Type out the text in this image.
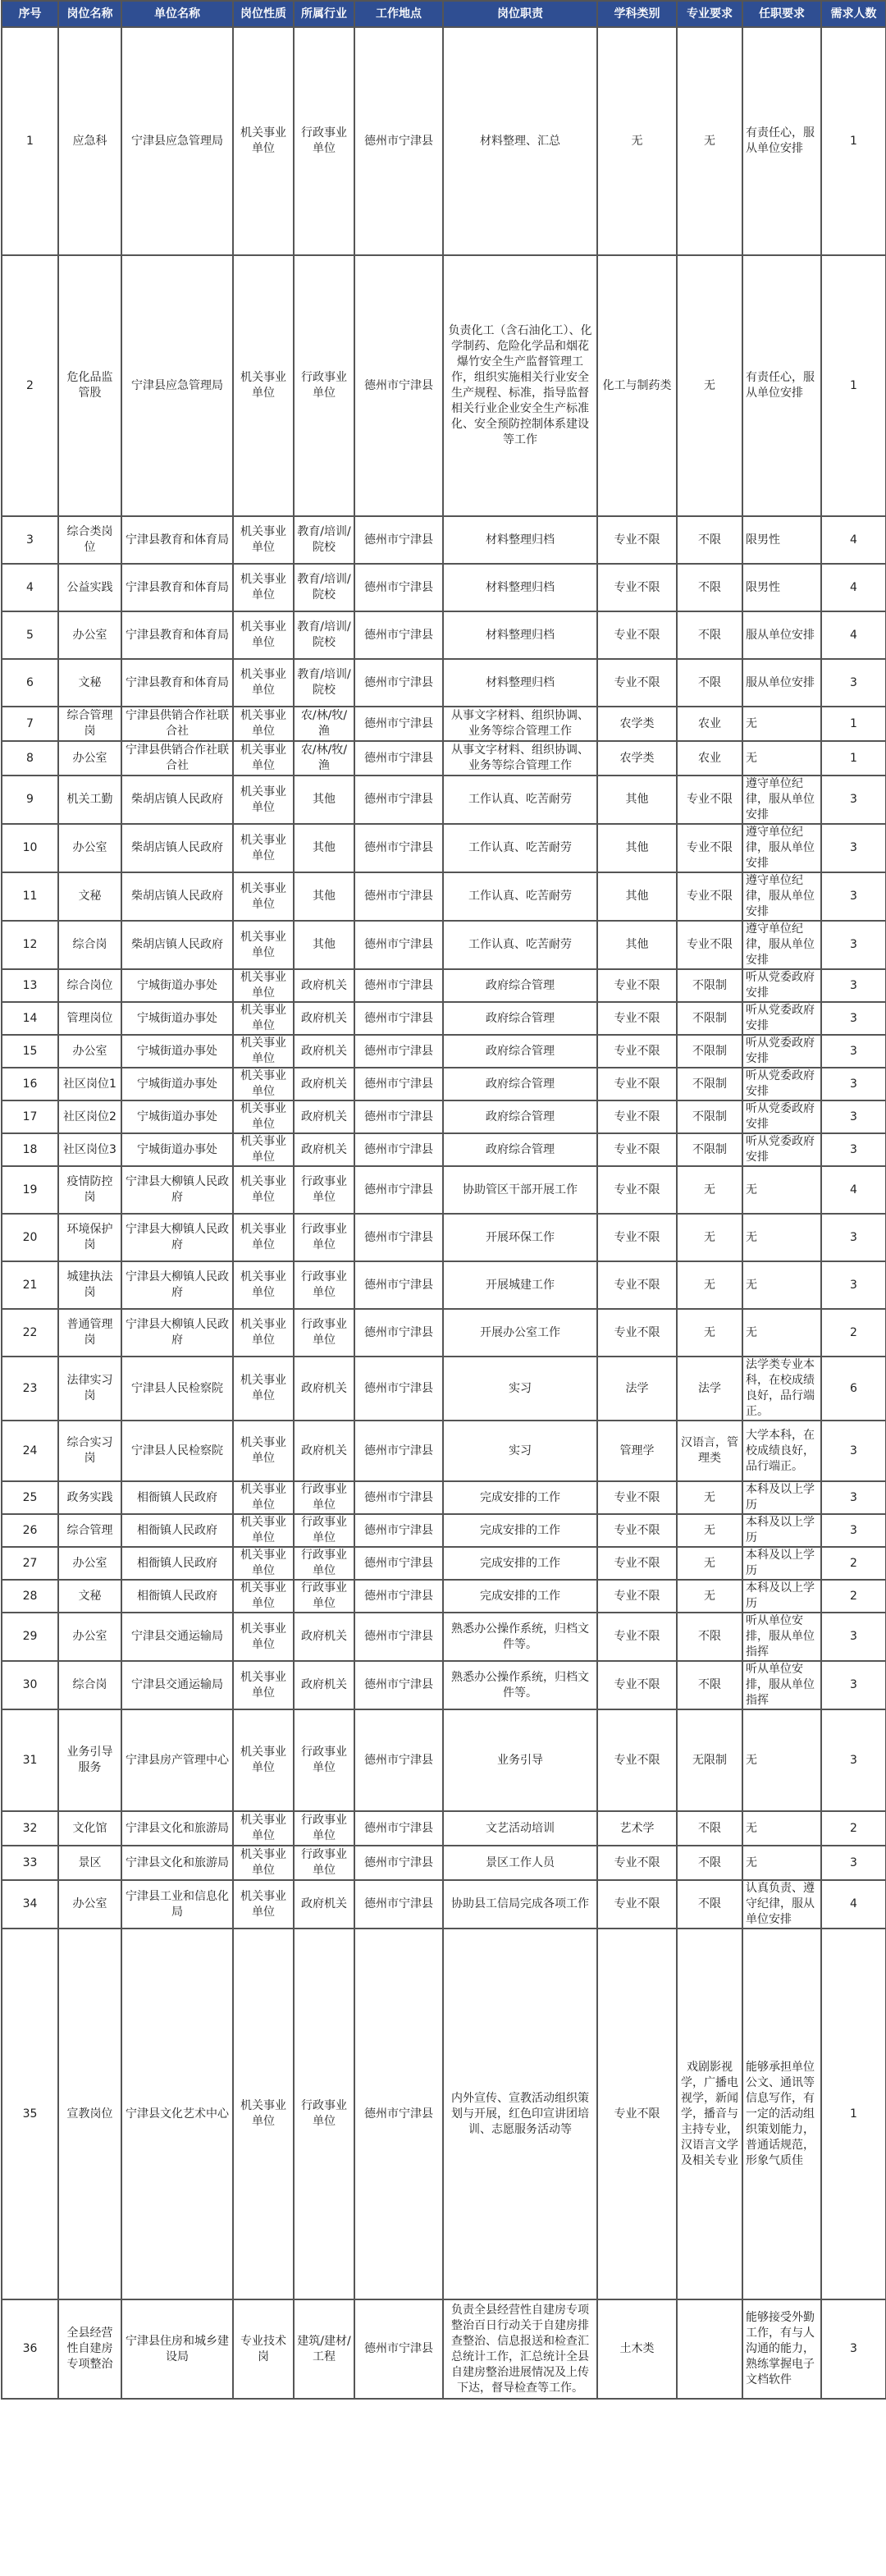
序号	岗位名称	单位名称	岗位性质	所属行业	工作地点	岗位职责	学科类别	专业要求	任职要求	需求人数
1	应急科	宁津县应急管理局	机关事业单位	行政事业单位	德州市宁津县	材料整理、汇总	无	无	有责任心，服从单位安排	1
2	危化品监管股	宁津县应急管理局	机关事业单位	行政事业单位	德州市宁津县	负责化工（含石油化工）、化学制药、危险化学品和烟花爆竹安全生产监督管理工作，组织实施相关行业安全生产规程、标准，指导监督相关行业企业安全生产标准化、安全预防控制体系建设等工作	化工与制药类	无	有责任心，服从单位安排	1
3	综合类岗位	宁津县教育和体育局	机关事业单位	教育/培训/院校	德州市宁津县	材料整理归档	专业不限	不限	限男性	4
4	公益实践	宁津县教育和体育局	机关事业单位	教育/培训/院校	德州市宁津县	材料整理归档	专业不限	不限	限男性	4
5	办公室	宁津县教育和体育局	机关事业单位	教育/培训/院校	德州市宁津县	材料整理归档	专业不限	不限	服从单位安排	4
6	文秘	宁津县教育和体育局	机关事业单位	教育/培训/院校	德州市宁津县	材料整理归档	专业不限	不限	服从单位安排	3
7	综合管理岗	宁津县供销合作社联合社	机关事业单位	农/林/牧/渔	德州市宁津县	从事文字材料、组织协调、业务等综合管理工作	农学类	农业	无	1
8	办公室	宁津县供销合作社联合社	机关事业单位	农/林/牧/渔	德州市宁津县	从事文字材料、组织协调、业务等综合管理工作	农学类	农业	无	1
9	机关工勤	柴胡店镇人民政府	机关事业单位	其他	德州市宁津县	工作认真、吃苦耐劳	其他	专业不限	遵守单位纪律，服从单位安排	3
10	办公室	柴胡店镇人民政府	机关事业单位	其他	德州市宁津县	工作认真、吃苦耐劳	其他	专业不限	遵守单位纪律，服从单位安排	3
11	文秘	柴胡店镇人民政府	机关事业单位	其他	德州市宁津县	工作认真、吃苦耐劳	其他	专业不限	遵守单位纪律，服从单位安排	3
12	综合岗	柴胡店镇人民政府	机关事业单位	其他	德州市宁津县	工作认真、吃苦耐劳	其他	专业不限	遵守单位纪律，服从单位安排	3
13	综合岗位	宁城街道办事处	机关事业单位	政府机关	德州市宁津县	政府综合管理	专业不限	不限制	听从党委政府安排	3
14	管理岗位	宁城街道办事处	机关事业单位	政府机关	德州市宁津县	政府综合管理	专业不限	不限制	听从党委政府安排	3
15	办公室	宁城街道办事处	机关事业单位	政府机关	德州市宁津县	政府综合管理	专业不限	不限制	听从党委政府安排	3
16	社区岗位1	宁城街道办事处	机关事业单位	政府机关	德州市宁津县	政府综合管理	专业不限	不限制	听从党委政府安排	3
17	社区岗位2	宁城街道办事处	机关事业单位	政府机关	德州市宁津县	政府综合管理	专业不限	不限制	听从党委政府安排	3
18	社区岗位3	宁城街道办事处	机关事业单位	政府机关	德州市宁津县	政府综合管理	专业不限	不限制	听从党委政府安排	3
19	疫情防控岗	宁津县大柳镇人民政府	机关事业单位	行政事业单位	德州市宁津县	协助管区干部开展工作	专业不限	无	无	4
20	环境保护岗	宁津县大柳镇人民政府	机关事业单位	行政事业单位	德州市宁津县	开展环保工作	专业不限	无	无	3
21	城建执法岗	宁津县大柳镇人民政府	机关事业单位	行政事业单位	德州市宁津县	开展城建工作	专业不限	无	无	3
22	普通管理岗	宁津县大柳镇人民政府	机关事业单位	行政事业单位	德州市宁津县	开展办公室工作	专业不限	无	无	2
23	法律实习岗	宁津县人民检察院	机关事业单位	政府机关	德州市宁津县	实习	法学	法学	法学类专业本科，在校成绩良好，品行端正。	6
24	综合实习岗	宁津县人民检察院	机关事业单位	政府机关	德州市宁津县	实习	管理学	汉语言，管理类	大学本科，在校成绩良好，品行端正。	3
25	政务实践	相衙镇人民政府	机关事业单位	行政事业单位	德州市宁津县	完成安排的工作	专业不限	无	本科及以上学历	3
26	综合管理	相衙镇人民政府	机关事业单位	行政事业单位	德州市宁津县	完成安排的工作	专业不限	无	本科及以上学历	3
27	办公室	相衙镇人民政府	机关事业单位	行政事业单位	德州市宁津县	完成安排的工作	专业不限	无	本科及以上学历	2
28	文秘	相衙镇人民政府	机关事业单位	行政事业单位	德州市宁津县	完成安排的工作	专业不限	无	本科及以上学历	2
29	办公室	宁津县交通运输局	机关事业单位	政府机关	德州市宁津县	熟悉办公操作系统，归档文件等。	专业不限	不限	听从单位安排，服从单位指挥	3
30	综合岗	宁津县交通运输局	机关事业单位	政府机关	德州市宁津县	熟悉办公操作系统，归档文件等。	专业不限	不限	听从单位安排，服从单位指挥	3
31	业务引导服务	宁津县房产管理中心	机关事业单位	行政事业单位	德州市宁津县	业务引导	专业不限	无限制	无	3
32	文化馆	宁津县文化和旅游局	机关事业单位	行政事业单位	德州市宁津县	文艺活动培训	艺术学	不限	无	2
33	景区	宁津县文化和旅游局	机关事业单位	行政事业单位	德州市宁津县	景区工作人员	专业不限	不限	无	3
34	办公室	宁津县工业和信息化局	机关事业单位	政府机关	德州市宁津县	协助县工信局完成各项工作	专业不限	不限	认真负责、遵守纪律，服从单位安排	4
35	宣教岗位	宁津县文化艺术中心	机关事业单位	行政事业单位	德州市宁津县	内外宣传、宣教活动组织策划与开展，红色印宣讲团培训、志愿服务活动等	专业不限	戏剧影视学，广播电视学，新闻学，播音与主持专业，汉语言文学及相关专业	能够承担单位公文、通讯等信息写作，有一定的活动组织策划能力，普通话规范，形象气质佳	1
36	全县经营性自建房专项整治	宁津县住房和城乡建设局	专业技术岗	建筑/建材/工程	德州市宁津县	负责全县经营性自建房专项整治百日行动关于自建房排查整治、信息报送和检查汇总统计工作，汇总统计全县自建房整治进展情况及上传下达，督导检查等工作。	土木类		能够接受外勤工作，有与人沟通的能力，熟练掌握电子文档软件	3
